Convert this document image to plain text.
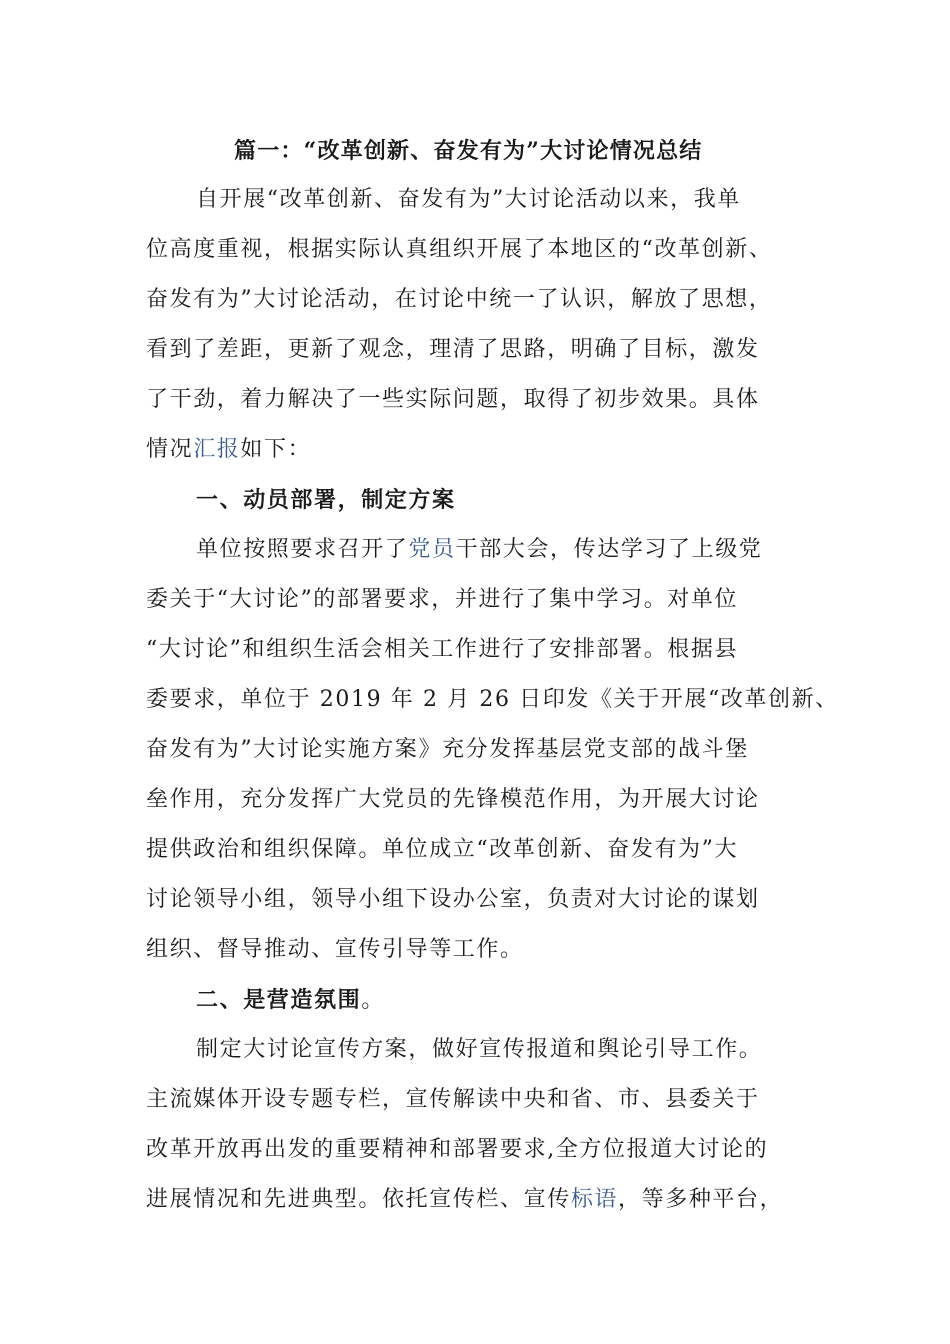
篇一：“改革创新、奋发有为”大讨论情况总结
自开展“改革创新、奋发有为”大讨论活动以来，我单
位高度重视，根据实际认真组织开展了本地区的“改革创新、
奋发有为”大讨论活动，在讨论中统一了认识，解放了思想，
看到了差距，更新了观念，理清了思路，明确了目标，激发
了干劲，着力解决了一些实际问题，取得了初步效果。具体
情况汇报如下：
一、动员部署，制定方案
单位按照要求召开了党员干部大会，传达学习了上级党
委关于“大讨论”的部署要求，并进行了集中学习。对单位
“大讨论”和组织生活会相关工作进行了安排部署。根据县
委要求，单位于 2019 年 2 月 26 日印发《关于开展“改革创新、
奋发有为”大讨论实施方案》充分发挥基层党支部的战斗堡
垒作用，充分发挥广大党员的先锋模范作用，为开展大讨论
提供政治和组织保障。单位成立“改革创新、奋发有为”大
讨论领导小组，领导小组下设办公室，负责对大讨论的谋划
组织、督导推动、宣传引导等工作。
二、是营造氛围。
制定大讨论宣传方案，做好宣传报道和舆论引导工作。
主流媒体开设专题专栏，宣传解读中央和省、市、县委关于
改革开放再出发的重要精神和部署要求,全方位报道大讨论的
进展情况和先进典型。依托宣传栏、宣传标语，等多种平台，
